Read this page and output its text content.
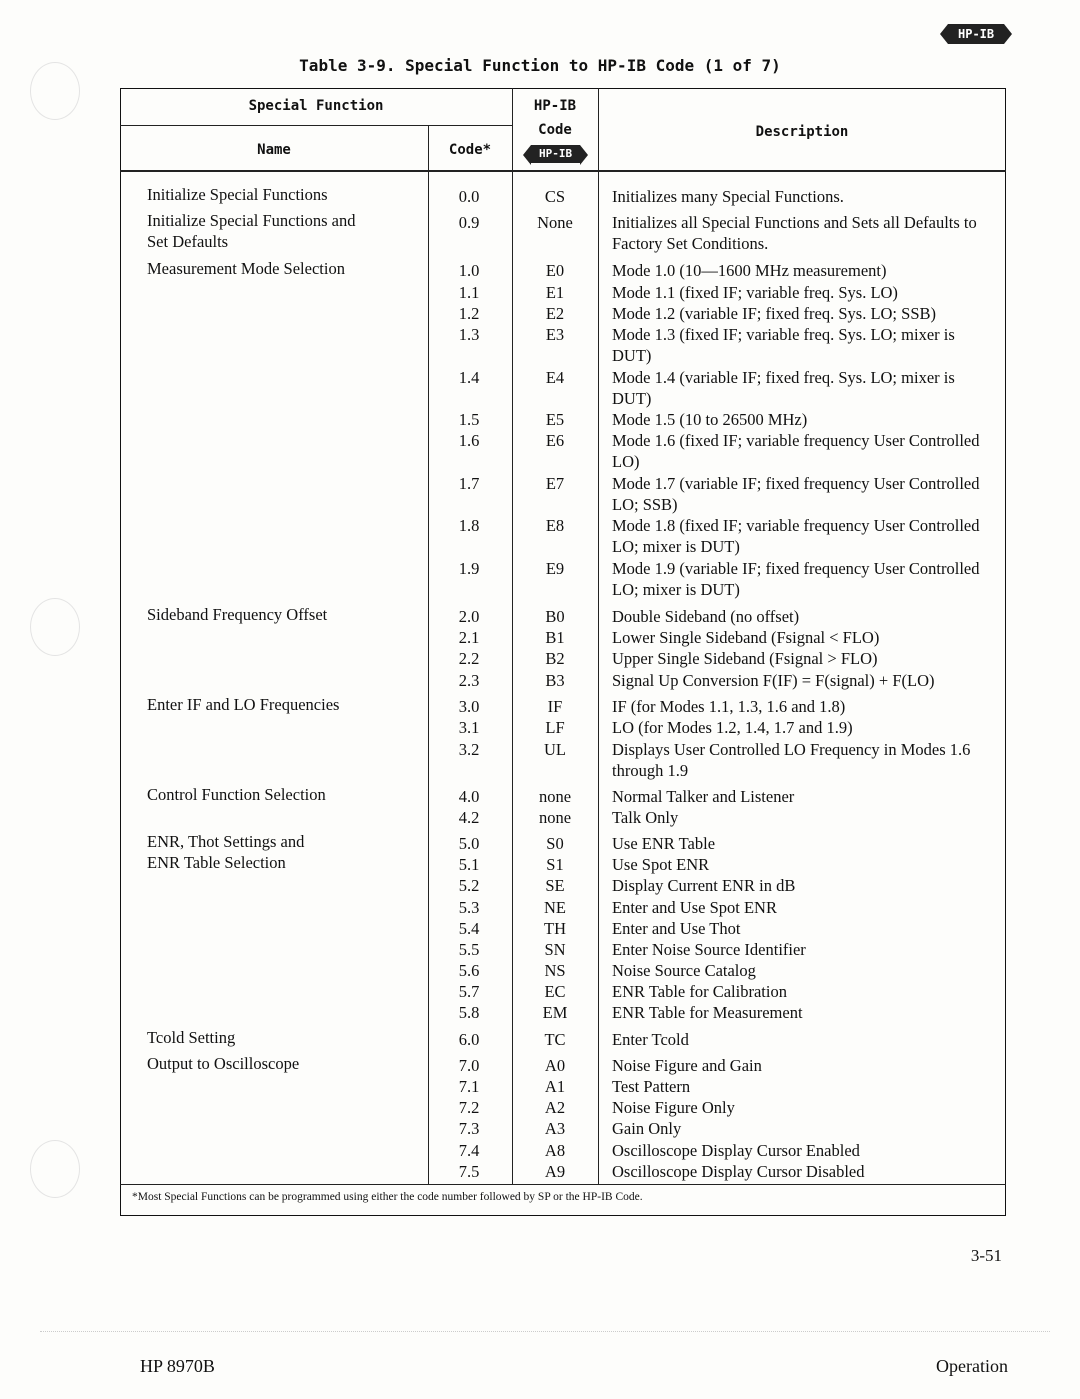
HP-IB
Table 3-9. Special Function to HP-IB Code (1 of 7)
Special Function
Name	Code*
HP-IB
Code
HP-IB
Description
Initialize Special Functions	0.0	CS	Initializes many Special Functions.
Initialize Special Functions and
Set Defaults
0.9	None	Initializes all Special Functions and Sets all Defaults to Factory Set Conditions.
Measurement Mode Selection	1.0	E0	Mode 1.0 (10—1600 MHz measurement)
1.1	E1	Mode 1.1 (fixed IF; variable freq. Sys. LO)
1.2	E2	Mode 1.2 (variable IF; fixed freq. Sys. LO; SSB)
1.3	E3	Mode 1.3 (fixed IF; variable freq. Sys. LO; mixer is DUT)
1.4	E4	Mode 1.4 (variable IF; fixed freq. Sys. LO; mixer is DUT)
1.5	E5	Mode 1.5 (10 to 26500 MHz)
1.6	E6	Mode 1.6 (fixed IF; variable frequency User Controlled LO)
1.7	E7	Mode 1.7 (variable IF; fixed frequency User Controlled LO; SSB)
1.8	E8	Mode 1.8 (fixed IF; variable frequency User Controlled LO; mixer is DUT)
1.9	E9	Mode 1.9 (variable IF; fixed frequency User Controlled LO; mixer is DUT)
Sideband Frequency Offset	2.0	B0	Double Sideband (no offset)
2.1	B1	Lower Single Sideband (Fsignal < FLO)
2.2	B2	Upper Single Sideband (Fsignal > FLO)
2.3	B3	Signal Up Conversion F(IF) = F(signal) + F(LO)
Enter IF and LO Frequencies	3.0	IF	IF (for Modes 1.1, 1.3, 1.6 and 1.8)
3.1	LF	LO (for Modes 1.2, 1.4, 1.7 and 1.9)
3.2	UL	Displays User Controlled LO Frequency in Modes 1.6 through 1.9
Control Function Selection	4.0	none	Normal Talker and Listener
4.2	none	Talk Only
ENR, Thot Settings and
ENR Table Selection
5.0	S0	Use ENR Table
5.1	S1	Use Spot ENR
5.2	SE	Display Current ENR in dB
5.3	NE	Enter and Use Spot ENR
5.4	TH	Enter and Use Thot
5.5	SN	Enter Noise Source Identifier
5.6	NS	Noise Source Catalog
5.7	EC	ENR Table for Calibration
5.8	EM	ENR Table for Measurement
Tcold Setting	6.0	TC	Enter Tcold
Output to Oscilloscope	7.0	A0	Noise Figure and Gain
7.1	A1	Test Pattern
7.2	A2	Noise Figure Only
7.3	A3	Gain Only
7.4	A8	Oscilloscope Display Cursor Enabled
7.5	A9	Oscilloscope Display Cursor Disabled
*Most Special Functions can be programmed using either the code number followed by SP or the HP-IB Code.
3-51
HP 8970B	Operation
